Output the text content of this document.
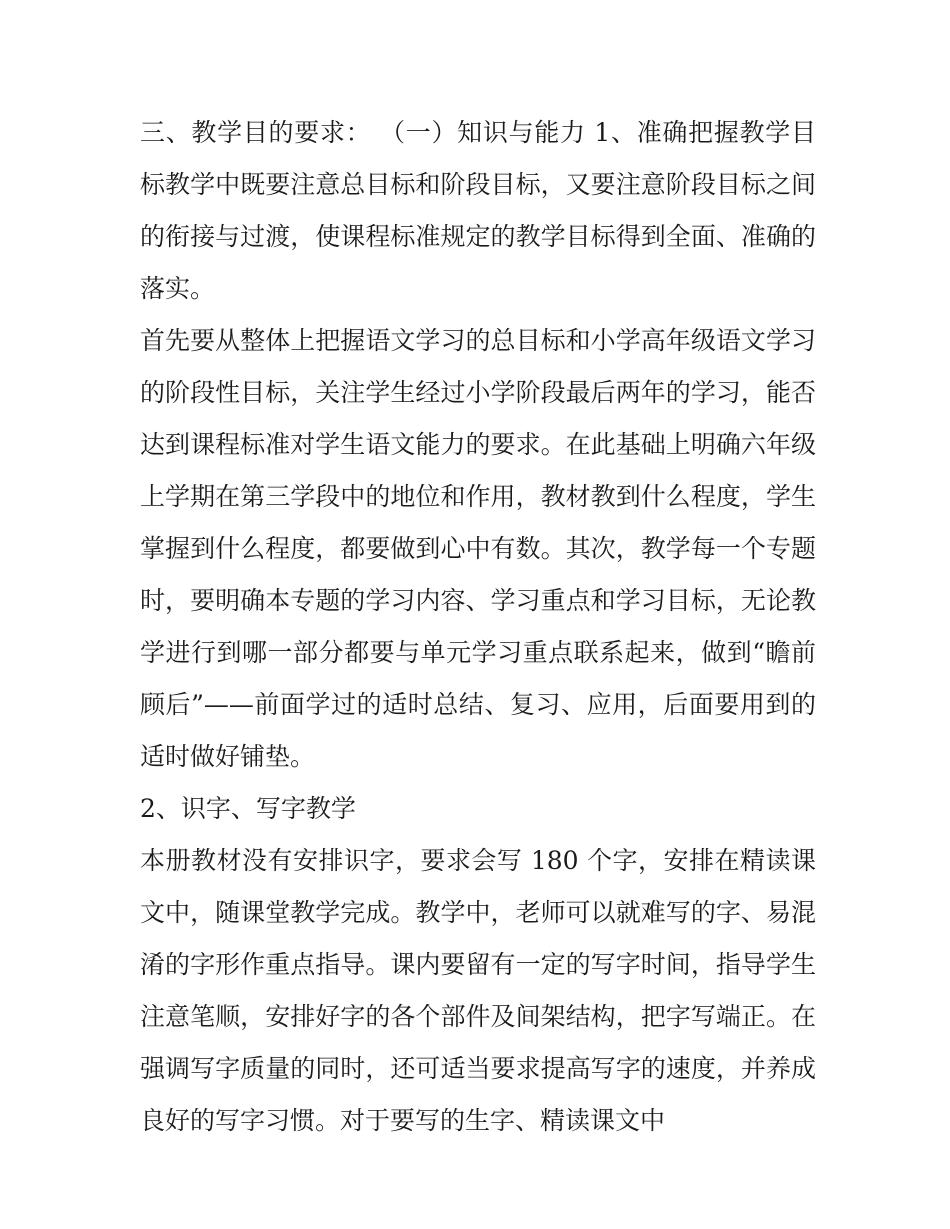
三、教学目的要求： （一）知识与能力 1、准确把握教学目标教学中既要注意总目标和阶段目标，又要注意阶段目标之间的衔接与过渡，使课程标准规定的教学目标得到全面、准确的落实。

首先要从整体上把握语文学习的总目标和小学高年级语文学习的阶段性目标，关注学生经过小学阶段最后两年的学习，能否达到课程标准对学生语文能力的要求。在此基础上明确六年级上学期在第三学段中的地位和作用，教材教到什么程度，学生掌握到什么程度，都要做到心中有数。其次，教学每一个专题时，要明确本专题的学习内容、学习重点和学习目标，无论教学进行到哪一部分都要与单元学习重点联系起来，做到“瞻前顾后”——前面学过的适时总结、复习、应用，后面要用到的适时做好铺垫。

2、识字、写字教学

本册教材没有安排识字，要求会写 180 个字，安排在精读课文中，随课堂教学完成。教学中，老师可以就难写的字、易混淆的字形作重点指导。课内要留有一定的写字时间，指导学生注意笔顺，安排好字的各个部件及间架结构，把字写端正。在强调写字质量的同时，还可适当要求提高写字的速度，并养成良好的写字习惯。对于要写的生字、精读课文中
